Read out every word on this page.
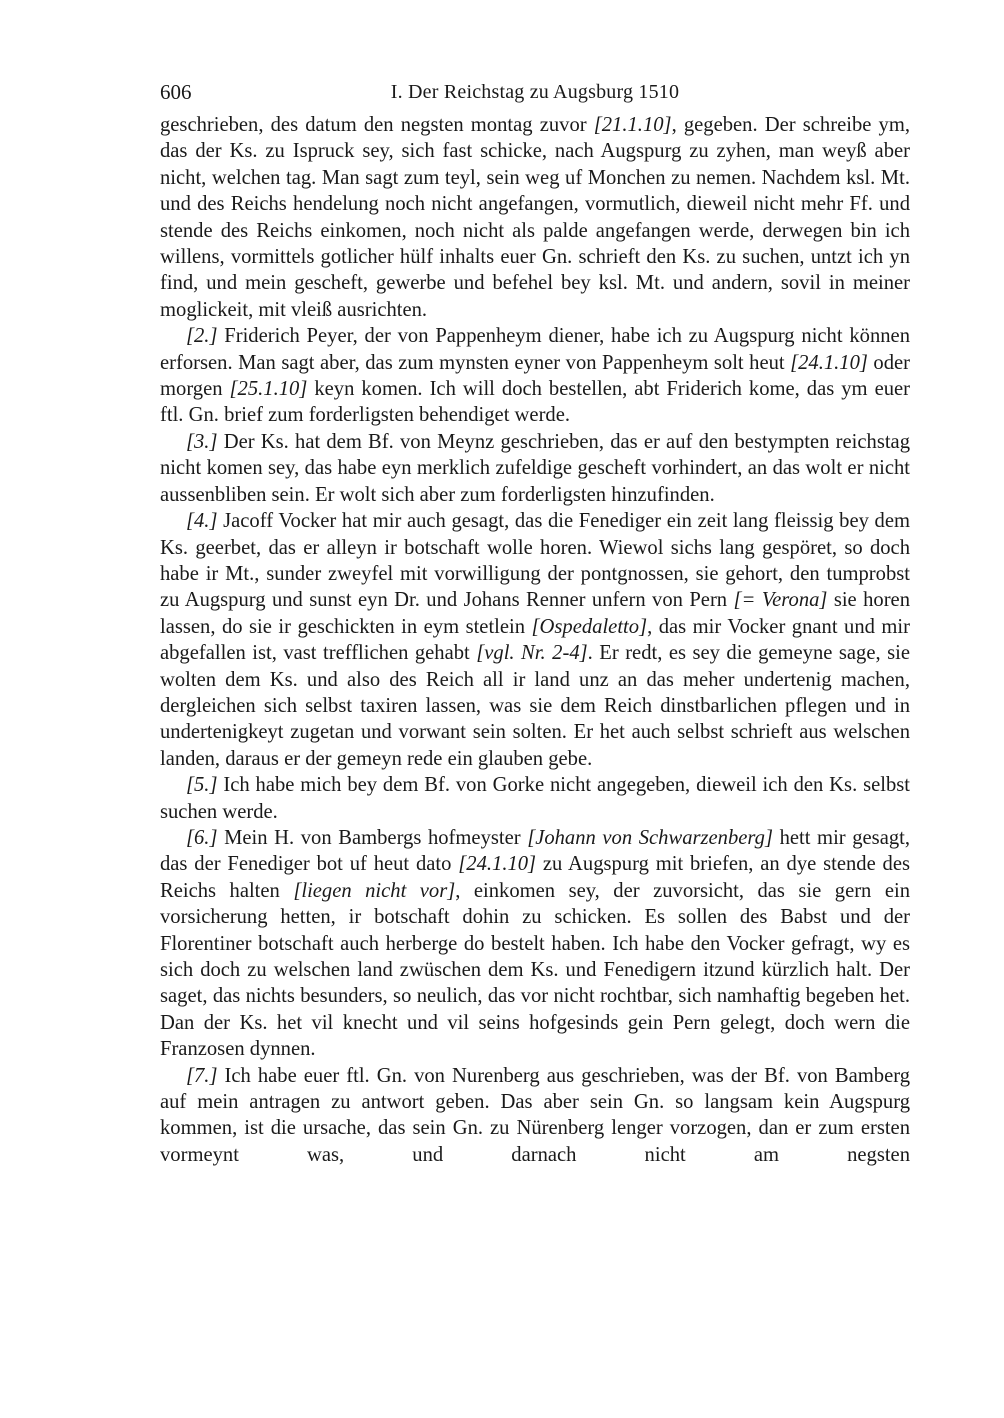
606	I. Der Reichstag zu Augsburg 1510

geschrieben, des datum den negsten montag zuvor [21.1.10], gegeben. Der schreibe ym, das der Ks. zu Ispruck sey, sich fast schicke, nach Augspurg zu zyhen, man weyß aber nicht, welchen tag. Man sagt zum teyl, sein weg uf Monchen zu nemen. Nachdem ksl. Mt. und des Reichs hendelung noch nicht angefangen, vormutlich, dieweil nicht mehr Ff. und stende des Reichs einkomen, noch nicht als palde angefangen werde, derwegen bin ich willens, vormittels gotlicher hülf inhalts euer Gn. schrieft den Ks. zu suchen, untzt ich yn find, und mein gescheft, gewerbe und befehel bey ksl. Mt. und andern, sovil in meiner moglickeit, mit vleiß ausrichten.

[2.] Friderich Peyer, der von Pappenheym diener, habe ich zu Augspurg nicht können erforsen. Man sagt aber, das zum mynsten eyner von Pappenheym solt heut [24.1.10] oder morgen [25.1.10] keyn komen. Ich will doch bestellen, abt Friderich kome, das ym euer ftl. Gn. brief zum forderligsten behendiget werde.

[3.] Der Ks. hat dem Bf. von Meynz geschrieben, das er auf den bestympten reichstag nicht komen sey, das habe eyn merklich zufeldige gescheft vorhindert, an das wolt er nicht aussenbliben sein. Er wolt sich aber zum forderligsten hinzufinden.

[4.] Jacoff Vocker hat mir auch gesagt, das die Fenediger ein zeit lang fleissig bey dem Ks. geerbet, das er alleyn ir botschaft wolle horen. Wiewol sichs lang gespöret, so doch habe ir Mt., sunder zweyfel mit vorwilligung der pontgnossen, sie gehort, den tumprobst zu Augspurg und sunst eyn Dr. und Johans Renner unfern von Pern [= Verona] sie horen lassen, do sie ir geschickten in eym stetlein [Ospedaletto], das mir Vocker gnant und mir abgefallen ist, vast trefflichen gehabt [vgl. Nr. 2-4]. Er redt, es sey die gemeyne sage, sie wolten dem Ks. und also des Reich all ir land unz an das meher undertenig machen, dergleichen sich selbst taxiren lassen, was sie dem Reich dinstbarlichen pflegen und in undertenigkeyt zugetan und vorwant sein solten. Er het auch selbst schrieft aus welschen landen, daraus er der gemeyn rede ein glauben gebe.

[5.] Ich habe mich bey dem Bf. von Gorke nicht angegeben, dieweil ich den Ks. selbst suchen werde.

[6.] Mein H. von Bambergs hofmeyster [Johann von Schwarzenberg] hett mir gesagt, das der Fenediger bot uf heut dato [24.1.10] zu Augspurg mit briefen, an dye stende des Reichs halten [liegen nicht vor], einkomen sey, der zuvorsicht, das sie gern ein vorsicherung hetten, ir botschaft dohin zu schicken. Es sollen des Babst und der Florentiner botschaft auch herberge do bestelt haben. Ich habe den Vocker gefragt, wy es sich doch zu welschen land zwüschen dem Ks. und Fenedigern itzund kürzlich halt. Der saget, das nichts besunders, so neulich, das vor nicht rochtbar, sich namhaftig begeben het. Dan der Ks. het vil knecht und vil seins hofgesinds gein Pern gelegt, doch wern die Franzosen dynnen.

[7.] Ich habe euer ftl. Gn. von Nurenberg aus geschrieben, was der Bf. von Bamberg auf mein antragen zu antwort geben. Das aber sein Gn. so langsam kein Augspurg kommen, ist die ursache, das sein Gn. zu Nürenberg lenger vorzogen, dan er zum ersten vormeynt was, und darnach nicht am negsten
